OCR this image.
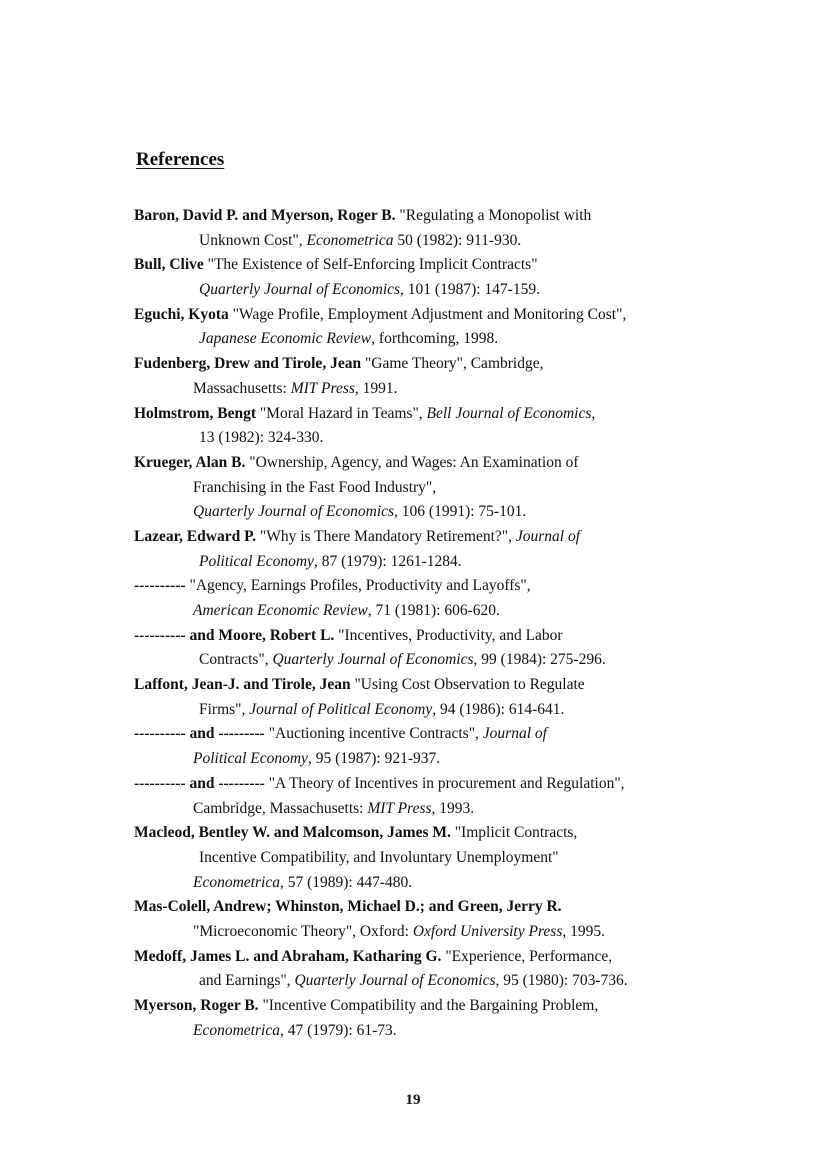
References
Baron, David P. and Myerson, Roger B. "Regulating a Monopolist with
Unknown Cost", Econometrica 50 (1982): 911-930.
Bull, Clive "The Existence of Self-Enforcing Implicit Contracts"
Quarterly Journal of Economics, 101 (1987): 147-159.
Eguchi, Kyota "Wage Profile, Employment Adjustment and Monitoring Cost",
Japanese Economic Review, forthcoming, 1998.
Fudenberg, Drew and Tirole, Jean "Game Theory", Cambridge,
Massachusetts: MIT Press, 1991.
Holmstrom, Bengt "Moral Hazard in Teams", Bell Journal of Economics,
13 (1982): 324-330.
Krueger, Alan B. "Ownership, Agency, and Wages: An Examination of
Franchising in the Fast Food Industry",
Quarterly Journal of Economics, 106 (1991): 75-101.
Lazear, Edward P. "Why is There Mandatory Retirement?", Journal of
Political Economy, 87 (1979): 1261-1284.
---------- "Agency, Earnings Profiles, Productivity and Layoffs",
American Economic Review, 71 (1981): 606-620.
---------- and Moore, Robert L. "Incentives, Productivity, and Labor
Contracts", Quarterly Journal of Economics, 99 (1984): 275-296.
Laffont, Jean-J. and Tirole, Jean "Using Cost Observation to Regulate
Firms", Journal of Political Economy, 94 (1986): 614-641.
---------- and --------- "Auctioning incentive Contracts", Journal of
Political Economy, 95 (1987): 921-937.
---------- and --------- "A Theory of Incentives in procurement and Regulation",
Cambridge, Massachusetts: MIT Press, 1993.
Macleod, Bentley W. and Malcomson, James M. "Implicit Contracts,
Incentive Compatibility, and Involuntary Unemployment"
Econometrica, 57 (1989): 447-480.
Mas-Colell, Andrew; Whinston, Michael D.; and Green, Jerry R.
"Microeconomic Theory", Oxford: Oxford University Press, 1995.
Medoff, James L. and Abraham, Katharing G. "Experience, Performance,
and Earnings", Quarterly Journal of Economics, 95 (1980): 703-736.
Myerson, Roger B. "Incentive Compatibility and the Bargaining Problem,
Econometrica, 47 (1979): 61-73.
19
